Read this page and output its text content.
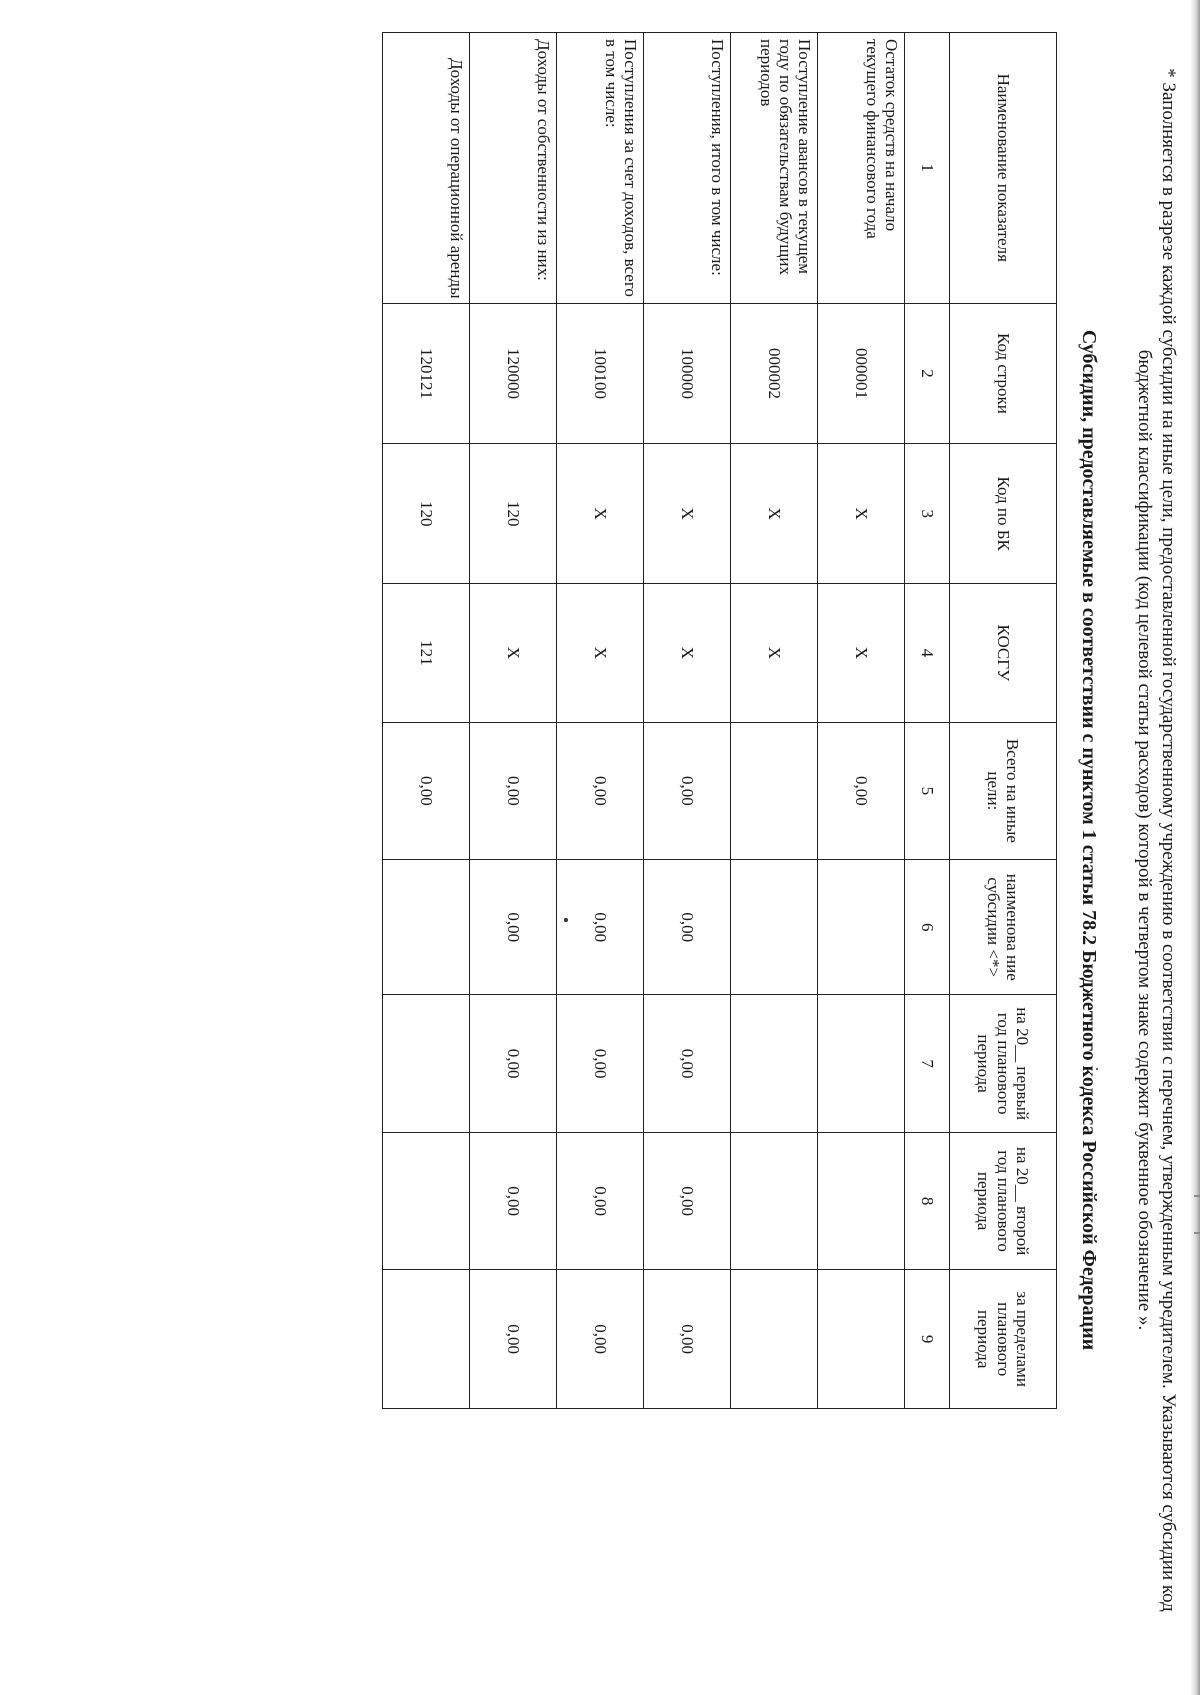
* Заполняется в разрезе каждой субсидии на иные цели, предоставленной государственному учреждению в соответствии с перечнем, утвержденным учредителем. Указываются субсидии код бюджетной классификации (код целевой статьи расходов) которой в четвертом знаке содержит буквенное обозначение ».
Субсидии, предоставляемые в соответствии с пунктом 1 статьи 78.2 Бюджетного кодекса Российской Федерации
Наименование показателя	Код строки	Код по БК	КОСГУ	Всего на иные цели:	наименова ние субсидии <*>	на 20__ первый год планового периода	на 20__ второй год планового периода	за пределами планового периода
1	2	3	4	5	6	7	8	9
Остаток средств на начало текущего финансового года	000001	Х	Х	0,00				
Поступление авансов в текущем году по обязательствам будущих периодов	000002	Х	Х					
Поступления, итого в том числе:	100000	Х	Х	0,00	0,00	0,00	0,00	0,00
Поступления за счет доходов, всего в том числе:	100100	Х	Х	0,00	0,00	0,00	0,00	0,00
Доходы от собственности из них:	120000	120	Х	0,00	0,00	0,00	0,00	0,00
Доходы от операционной аренды	120121	120	121	0,00				
